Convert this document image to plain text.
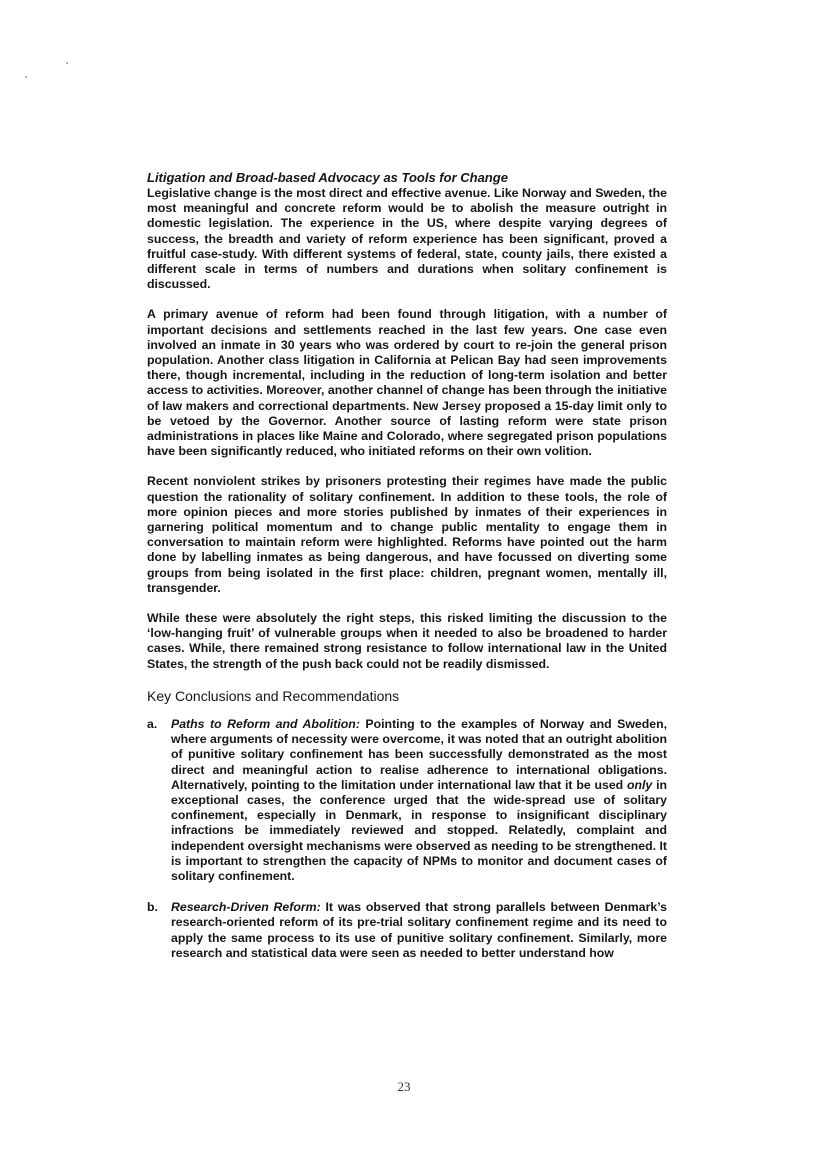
Litigation and Broad-based Advocacy as Tools for Change

Legislative change is the most direct and effective avenue. Like Norway and Sweden, the most meaningful and concrete reform would be to abolish the measure outright in domestic legislation. The experience in the US, where despite varying degrees of success, the breadth and variety of reform experience has been significant, proved a fruitful case-study. With different systems of federal, state, county jails, there existed a different scale in terms of numbers and durations when solitary confinement is discussed.

A primary avenue of reform had been found through litigation, with a number of important decisions and settlements reached in the last few years. One case even involved an inmate in 30 years who was ordered by court to re-join the general prison population. Another class litigation in California at Pelican Bay had seen improvements there, though incremental, including in the reduction of long-term isolation and better access to activities. Moreover, another channel of change has been through the initiative of law makers and correctional departments. New Jersey proposed a 15-day limit only to be vetoed by the Governor. Another source of lasting reform were state prison administrations in places like Maine and Colorado, where segregated prison populations have been significantly reduced, who initiated reforms on their own volition.

Recent nonviolent strikes by prisoners protesting their regimes have made the public question the rationality of solitary confinement. In addition to these tools, the role of more opinion pieces and more stories published by inmates of their experiences in garnering political momentum and to change public mentality to engage them in conversation to maintain reform were highlighted. Reforms have pointed out the harm done by labelling inmates as being dangerous, and have focussed on diverting some groups from being isolated in the first place: children, pregnant women, mentally ill, transgender.

While these were absolutely the right steps, this risked limiting the discussion to the ‘low-hanging fruit’ of vulnerable groups when it needed to also be broadened to harder cases. While, there remained strong resistance to follow international law in the United States, the strength of the push back could not be readily dismissed.

Key Conclusions and Recommendations
a.	Paths to Reform and Abolition: Pointing to the examples of Norway and Sweden, where arguments of necessity were overcome, it was noted that an outright abolition of punitive solitary confinement has been successfully demonstrated as the most direct and meaningful action to realise adherence to international obligations. Alternatively, pointing to the limitation under international law that it be used only in exceptional cases, the conference urged that the wide-spread use of solitary confinement, especially in Denmark, in response to insignificant disciplinary infractions be immediately reviewed and stopped. Relatedly, complaint and independent oversight mechanisms were observed as needing to be strengthened. It is important to strengthen the capacity of NPMs to monitor and document cases of solitary confinement.
b.	Research-Driven Reform: It was observed that strong parallels between Denmark’s research-oriented reform of its pre-trial solitary confinement regime and its need to apply the same process to its use of punitive solitary confinement. Similarly, more research and statistical data were seen as needed to better understand how
23
